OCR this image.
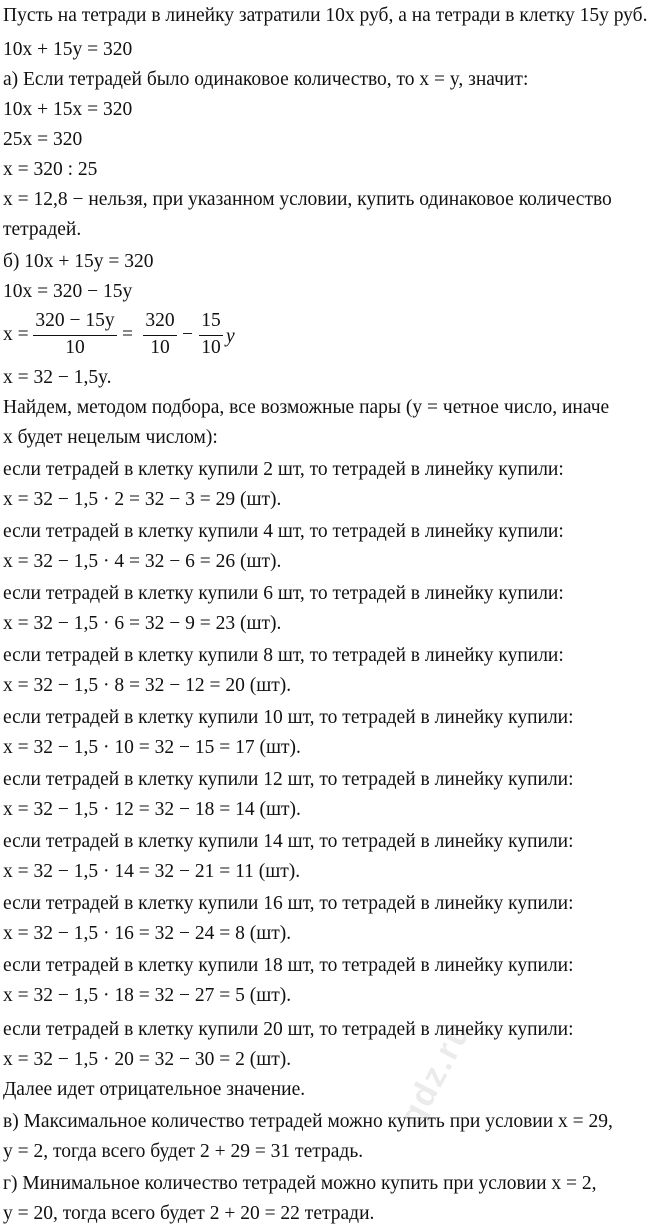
Пусть на тетради в линейку затратили 10x руб, а на тетради в клетку 15y руб.
10x + 15y = 320
а) Если тетрадей было одинаковое количество, то x = y, значит:
10x + 15x = 320
25x = 320
x = 320 : 25
x = 12,8 − нельзя, при указанном условии, купить одинаковое количество
тетрадей.
б) 10x + 15y = 320
10x = 320 − 15y
x =
320 − 15y
10
=
320
10
−
15
10
y
x = 32 − 1,5y.
Найдем, методом подбора, все возможные пары (y = четное число, иначе
x будет нецелым числом):
если тетрадей в клетку купили 2 шт, то тетрадей в линейку купили:
x = 32 − 1,5 · 2 = 32 − 3 = 29 (шт).
если тетрадей в клетку купили 4 шт, то тетрадей в линейку купили:
x = 32 − 1,5 · 4 = 32 − 6 = 26 (шт).
если тетрадей в клетку купили 6 шт, то тетрадей в линейку купили:
x = 32 − 1,5 · 6 = 32 − 9 = 23 (шт).
если тетрадей в клетку купили 8 шт, то тетрадей в линейку купили:
x = 32 − 1,5 · 8 = 32 − 12 = 20 (шт).
если тетрадей в клетку купили 10 шт, то тетрадей в линейку купили:
x = 32 − 1,5 · 10 = 32 − 15 = 17 (шт).
если тетрадей в клетку купили 12 шт, то тетрадей в линейку купили:
x = 32 − 1,5 · 12 = 32 − 18 = 14 (шт).
если тетрадей в клетку купили 14 шт, то тетрадей в линейку купили:
x = 32 − 1,5 · 14 = 32 − 21 = 11 (шт).
если тетрадей в клетку купили 16 шт, то тетрадей в линейку купили:
x = 32 − 1,5 · 16 = 32 − 24 = 8 (шт).
если тетрадей в клетку купили 18 шт, то тетрадей в линейку купили:
x = 32 − 1,5 · 18 = 32 − 27 = 5 (шт).
если тетрадей в клетку купили 20 шт, то тетрадей в линейку купили:
x = 32 − 1,5 · 20 = 32 − 30 = 2 (шт).
Далее идет отрицательное значение.
в) Максимальное количество тетрадей можно купить при условии x = 29,
y = 2, тогда всего будет 2 + 29 = 31 тетрадь.
г) Минимальное количество тетрадей можно купить при условии x = 2,
y = 20, тогда всего будет 2 + 20 = 22 тетради.
gdz.ru
